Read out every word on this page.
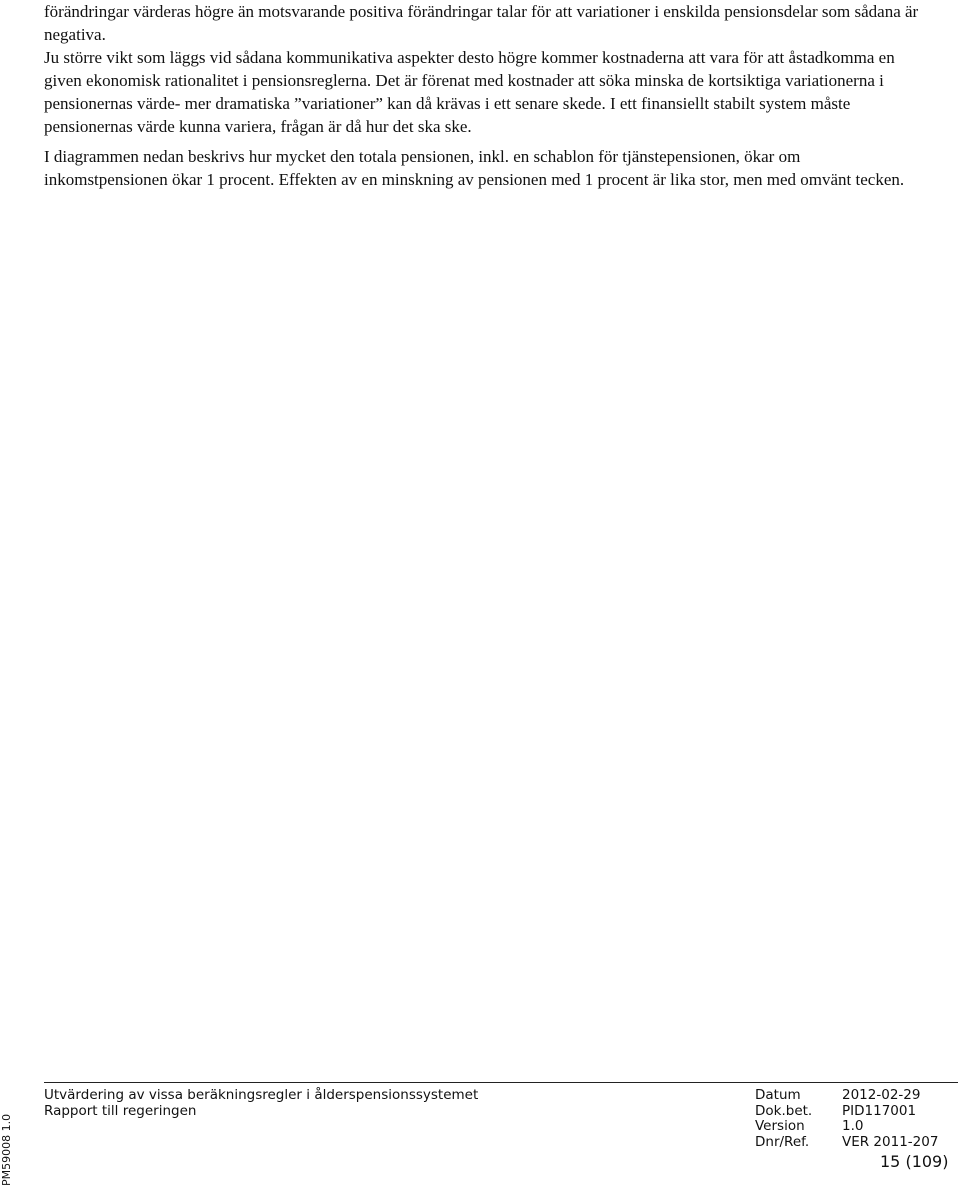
förändringar värderas högre än motsvarande positiva förändringar talar för att variationer i enskilda pensionsdelar som sådana är negativa.

Ju större vikt som läggs vid sådana kommunikativa aspekter desto högre kommer kostnaderna att vara för att åstadkomma en given ekonomisk rationalitet i pensionsreglerna. Det är förenat med kostnader att söka minska de kortsiktiga variationerna i pensionernas värde- mer dramatiska ”variationer” kan då krävas i ett senare skede. I ett finansiellt stabilt system måste pensionernas värde kunna variera, frågan är då hur det ska ske.

I diagrammen nedan beskrivs hur mycket den totala pensionen, inkl. en schablon för tjänstepensionen, ökar om inkomstpensionen ökar 1 procent. Effekten av en minskning av pensionen med 1 procent är lika stor, men med omvänt tecken.

Utvärdering av vissa beräkningsregler i ålderspensionssystemet
Rapport till regeringen
Datum	2012-02-29
Dok.bet.	PID117001
Version	1.0
Dnr/Ref.	VER 2011-207
15 (109)
PM59008 1.0
